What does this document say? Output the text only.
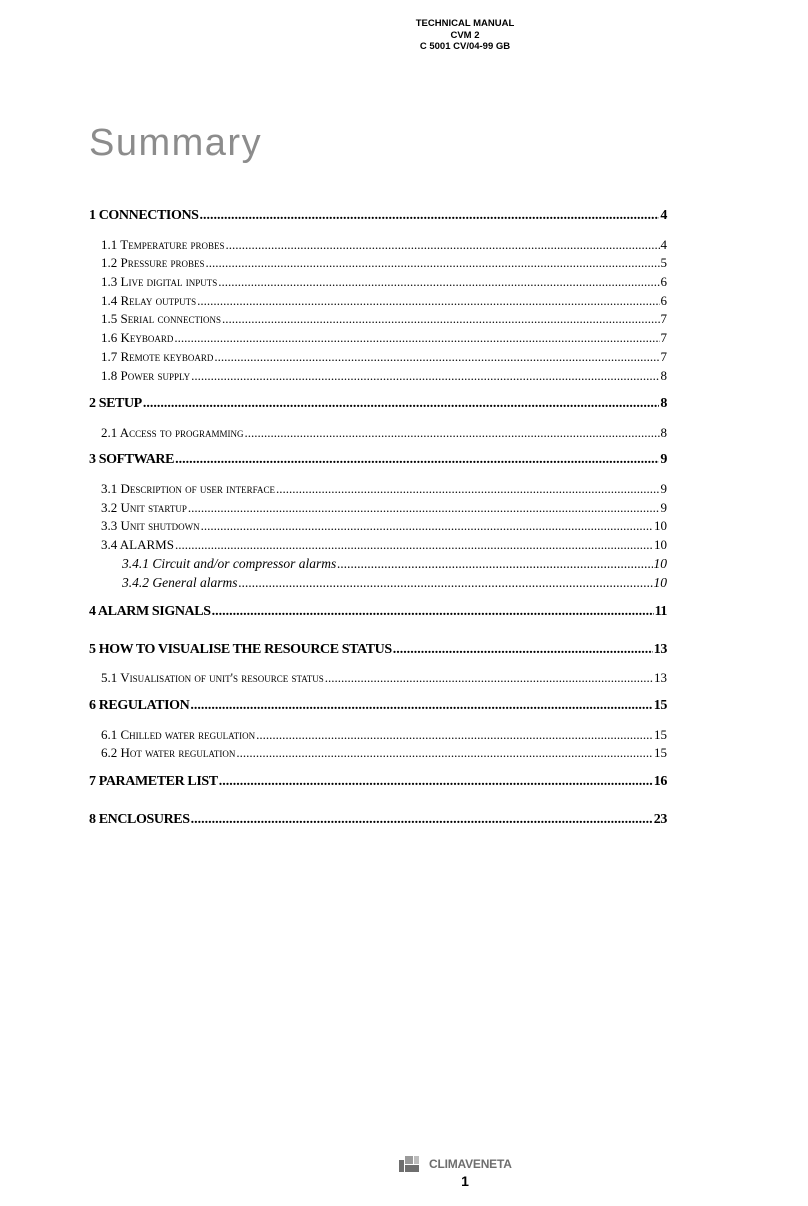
TECHNICAL MANUAL
CVM 2
C 5001 CV/04-99 GB
Summary
1 CONNECTIONS .....	4
1.1 Temperature probes .....	4
1.2 Pressure probes .....	5
1.3 Live digital inputs .....	6
1.4 Relay outputs .....	6
1.5 Serial connections .....	7
1.6 Keyboard .....	7
1.7 Remote keyboard .....	7
1.8 Power supply .....	8
2 SETUP .....	8
2.1 Access to programming .....	8
3 SOFTWARE .....	9
3.1 Description of user interface .....	9
3.2 Unit startup .....	9
3.3 Unit shutdown .....	10
3.4 ALARMS .....	10
3.4.1 Circuit and/or compressor alarms .....	10
3.4.2 General alarms .....	10
4 ALARM SIGNALS .....	11
5 HOW TO VISUALISE THE RESOURCE STATUS .....	13
5.1 Visualisation of unit's resource status .....	13
6 REGULATION .....	15
6.1 Chilled water regulation .....	15
6.2 Hot water regulation .....	15
7 PARAMETER LIST .....	16
8 ENCLOSURES .....	23
CLIMAVENETA
1
